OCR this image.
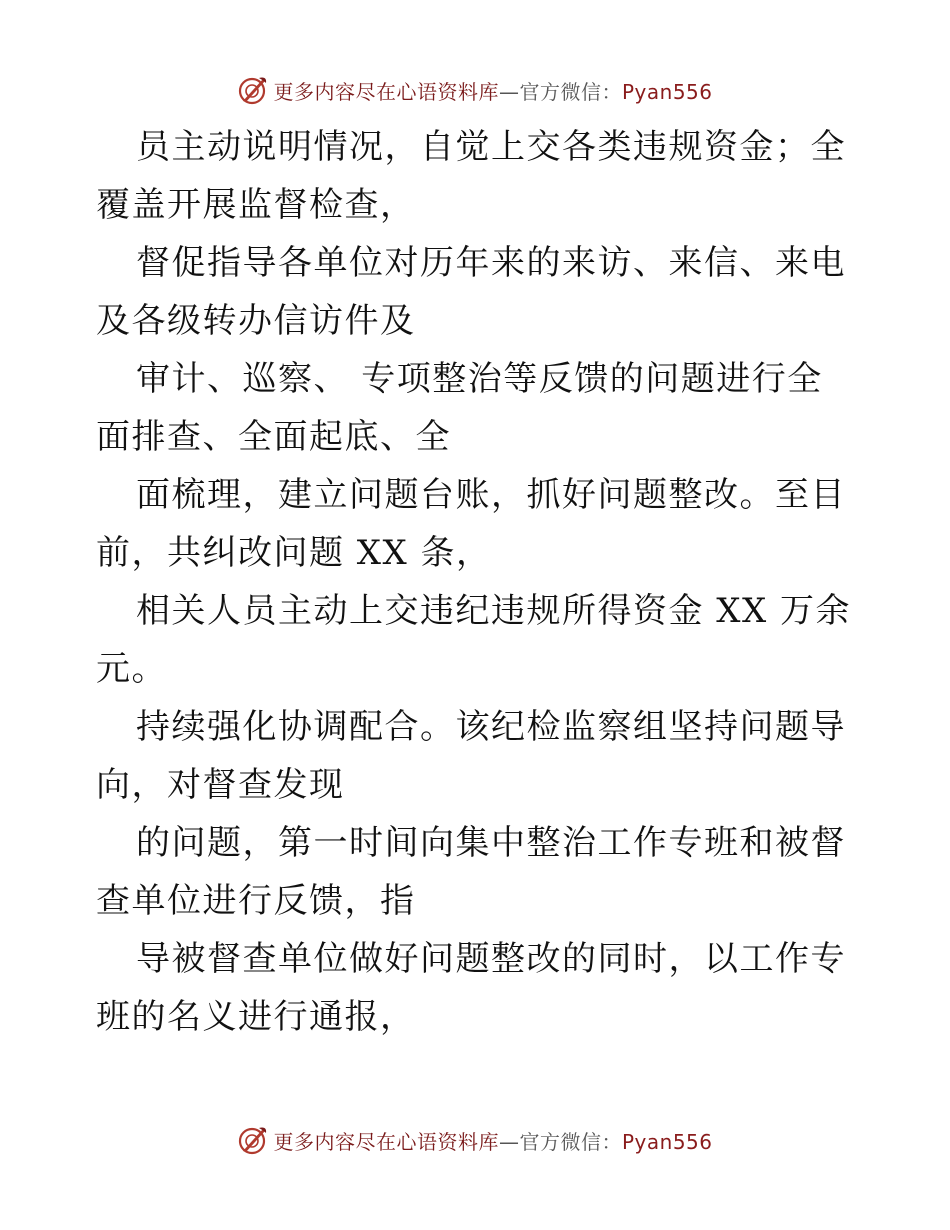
更多内容尽在心语资料库—官方微信：Pyan556

员主动说明情况，自觉上交各类违规资金；全覆盖开展监督检查，

督促指导各单位对历年来的来访、来信、来电及各级转办信访件及

审计、巡察、 专项整治等反馈的问题进行全面排查、全面起底、全

面梳理，建立问题台账，抓好问题整改。至目前，共纠改问题 XX 条，

相关人员主动上交违纪违规所得资金 XX 万余元。

持续强化协调配合。该纪检监察组坚持问题导向，对督查发现

的问题，第一时间向集中整治工作专班和被督查单位进行反馈，指

导被督查单位做好问题整改的同时，以工作专班的名义进行通报，

更多内容尽在心语资料库—官方微信：Pyan556
